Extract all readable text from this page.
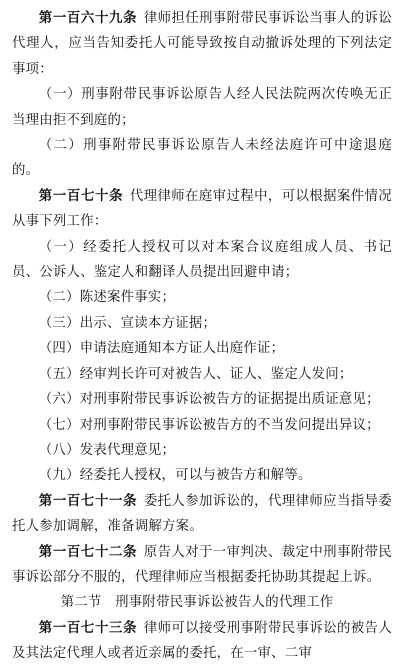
第一百六十九条 律师担任刑事附带民事诉讼当事人的诉讼代理人，应当告知委托人可能导致按自动撤诉处理的下列法定事项：

（一）刑事附带民事诉讼原告人经人民法院两次传唤无正当理由拒不到庭的；

（二）刑事附带民事诉讼原告人未经法庭许可中途退庭的。

第一百七十条 代理律师在庭审过程中，可以根据案件情况从事下列工作：

（一）经委托人授权可以对本案合议庭组成人员、书记员、公诉人、鉴定人和翻译人员提出回避申请；

（二）陈述案件事实；

（三）出示、宣读本方证据；

（四）申请法庭通知本方证人出庭作证；

（五）经审判长许可对被告人、证人、鉴定人发问；

（六）对刑事附带民事诉讼被告方的证据提出质证意见；

（七）对刑事附带民事诉讼被告方的不当发问提出异议；

（八）发表代理意见；

（九）经委托人授权，可以与被告方和解等。

第一百七十一条 委托人参加诉讼的，代理律师应当指导委托人参加调解，准备调解方案。

第一百七十二条 原告人对于一审判决、裁定中刑事附带民事诉讼部分不服的，代理律师应当根据委托协助其提起上诉。

第二节　刑事附带民事诉讼被告人的代理工作

第一百七十三条 律师可以接受刑事附带民事诉讼的被告人及其法定代理人或者近亲属的委托，在一审、二审
